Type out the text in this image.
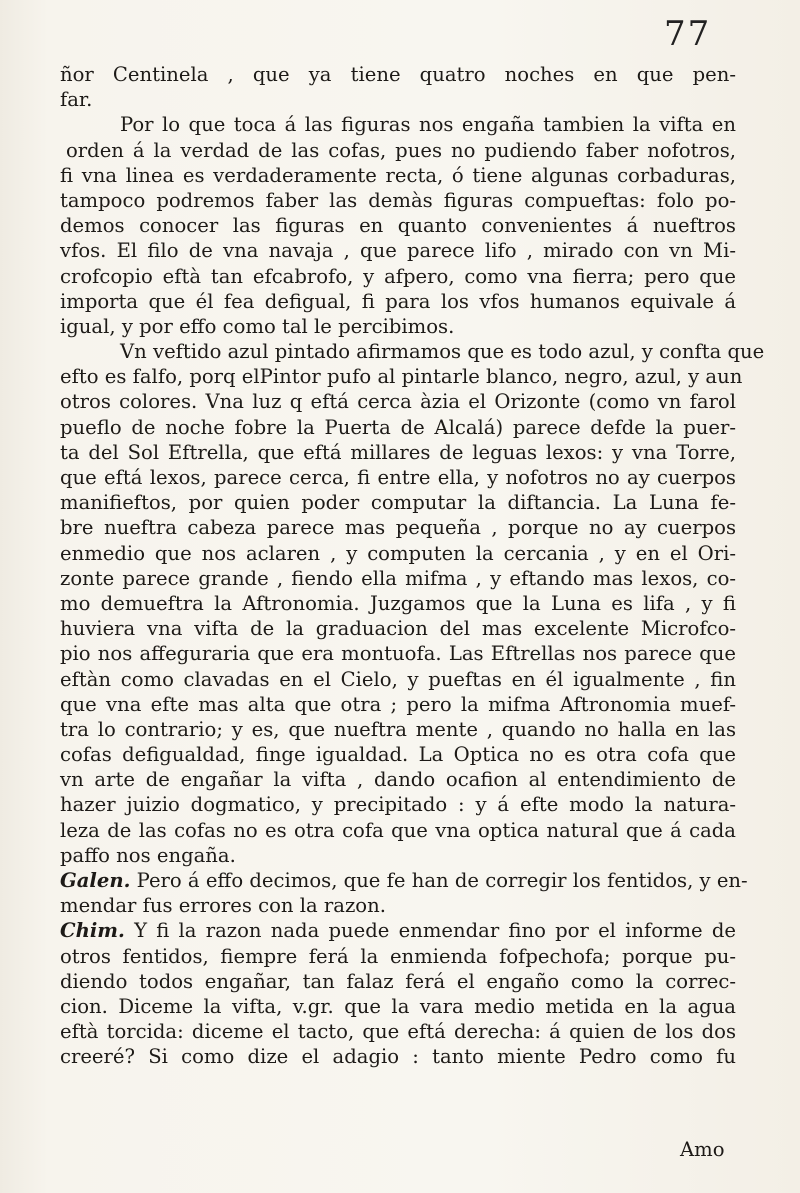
77
ñor Centinela , que ya tiene quatro noches en que pen-
far.
Por lo que toca á las figuras nos engaña tambien la vifta en
orden á la verdad de las cofas, pues no pudiendo faber nofotros,
fi vna linea es verdaderamente recta, ó tiene algunas corbaduras,
tampoco podremos faber las demàs figuras compueftas: folo po-
demos conocer las figuras en quanto convenientes á nueftros
vfos. El filo de vna navaja , que parece lifo , mirado con vn Mi-
crofcopio eftà tan efcabrofo, y afpero, como vna fierra; pero que
importa que él fea defigual, fi para los vfos humanos equivale á
igual, y por effo como tal le percibimos.
Vn veftido azul pintado afirmamos que es todo azul, y confta que
efto es falfo, porq elPintor pufo al pintarle blanco, negro, azul, y aun
otros colores. Vna luz q eftá cerca àzia el Orizonte (como vn farol
pueflo de noche fobre la Puerta de Alcalá) parece defde la puer-
ta del Sol Eftrella, que eftá millares de leguas lexos: y vna Torre,
que eftá lexos, parece cerca, fi entre ella, y nofotros no ay cuerpos
manifieftos, por quien poder computar la diftancia. La Luna fe-
bre nueftra cabeza parece mas pequeña , porque no ay cuerpos
enmedio que nos aclaren , y computen la cercania , y en el Ori-
zonte parece grande , fiendo ella mifma , y eftando mas lexos, co-
mo demueftra la Aftronomia. Juzgamos que la Luna es lifa , y fi
huviera vna vifta de la graduacion del mas excelente Microfco-
pio nos affeguraria que era montuofa. Las Eftrellas nos parece que
eftàn como clavadas en el Cielo, y pueftas en él igualmente , fin
que vna efte mas alta que otra ; pero la mifma Aftronomia muef-
tra lo contrario; y es, que nueftra mente , quando no halla en las
cofas defigualdad, finge igualdad. La Optica no es otra cofa que
vn arte de engañar la vifta , dando ocafion al entendimiento de
hazer juizio dogmatico, y precipitado : y á efte modo la natura-
leza de las cofas no es otra cofa que vna optica natural que á cada
paffo nos engaña.
Galen. Pero á effo decimos, que fe han de corregir los fentidos, y en-
mendar fus errores con la razon.
Chim. Y fi la razon nada puede enmendar fino por el informe de
otros fentidos, fiempre ferá la enmienda fofpechofa; porque pu-
diendo todos engañar, tan falaz ferá el engaño como la correc-
cion. Diceme la vifta, v.gr. que la vara medio metida en la agua
eftà torcida: diceme el tacto, que eftá derecha: á quien de los dos
creeré? Si como dize el adagio : tanto miente Pedro como fu
Amo
